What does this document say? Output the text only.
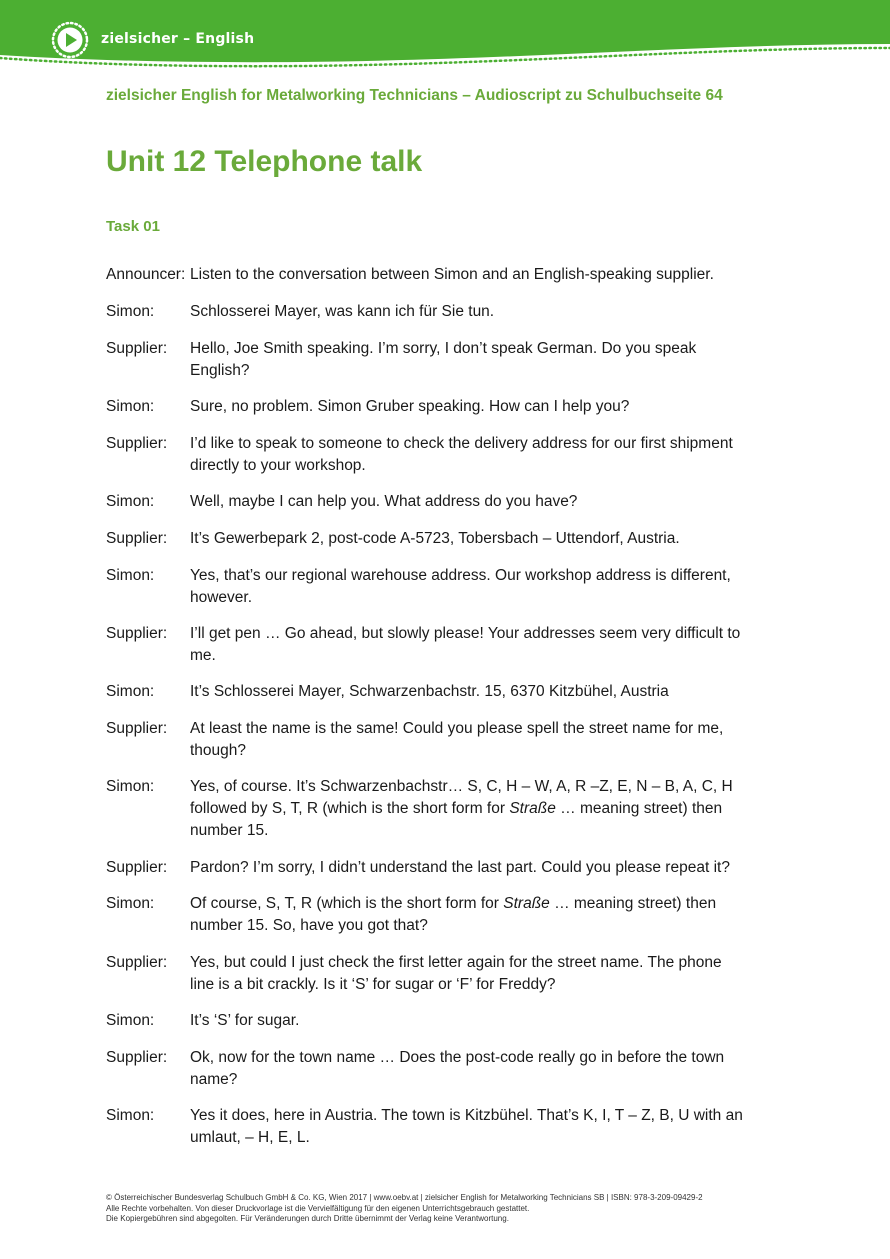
zielsicher – English
zielsicher English for Metalworking Technicians – Audioscript zu Schulbuchseite 64
Unit 12 Telephone talk
Task 01
Announcer: Listen to the conversation between Simon and an English-speaking supplier.
Simon: Schlosserei Mayer, was kann ich für Sie tun.
Supplier: Hello, Joe Smith speaking. I’m sorry, I don’t speak German. Do you speak
English?
Simon: Sure, no problem. Simon Gruber speaking. How can I help you?
Supplier: I’d like to speak to someone to check the delivery address for our first shipment
directly to your workshop.
Simon: Well, maybe I can help you. What address do you have?
Supplier: It’s Gewerbepark 2, post-code A-5723, Tobersbach – Uttendorf, Austria.
Simon: Yes, that’s our regional warehouse address. Our workshop address is different,
however.
Supplier: I’ll get pen … Go ahead, but slowly please! Your addresses seem very difficult to
me.
Simon: It’s Schlosserei Mayer, Schwarzenbachstr. 15, 6370 Kitzbühel, Austria
Supplier: At least the name is the same! Could you please spell the street name for me,
though?
Simon: Yes, of course. It’s Schwarzenbachstr… S, C, H – W, A, R –Z, E, N – B, A, C, H
followed by S, T, R (which is the short form for Straße … meaning street) then
number 15.
Supplier: Pardon? I’m sorry, I didn’t understand the last part. Could you please repeat it?
Simon: Of course, S, T, R (which is the short form for Straße … meaning street) then
number 15. So, have you got that?
Supplier: Yes, but could I just check the first letter again for the street name. The phone
line is a bit crackly. Is it ‘S’ for sugar or ‘F’ for Freddy?
Simon: It’s ‘S’ for sugar.
Supplier: Ok, now for the town name … Does the post-code really go in before the town
name?
Simon: Yes it does, here in Austria. The town is Kitzbühel. That’s K, I, T – Z, B, U with an
umlaut, – H, E, L.
© Österreichischer Bundesverlag Schulbuch GmbH & Co. KG, Wien 2017 | www.oebv.at | zielsicher English for Metalworking Technicians SB | ISBN: 978-3-209-09429-2
Alle Rechte vorbehalten. Von dieser Druckvorlage ist die Vervielfältigung für den eigenen Unterrichtsgebrauch gestattet.
Die Kopiergebühren sind abgegolten. Für Veränderungen durch Dritte übernimmt der Verlag keine Verantwortung.
